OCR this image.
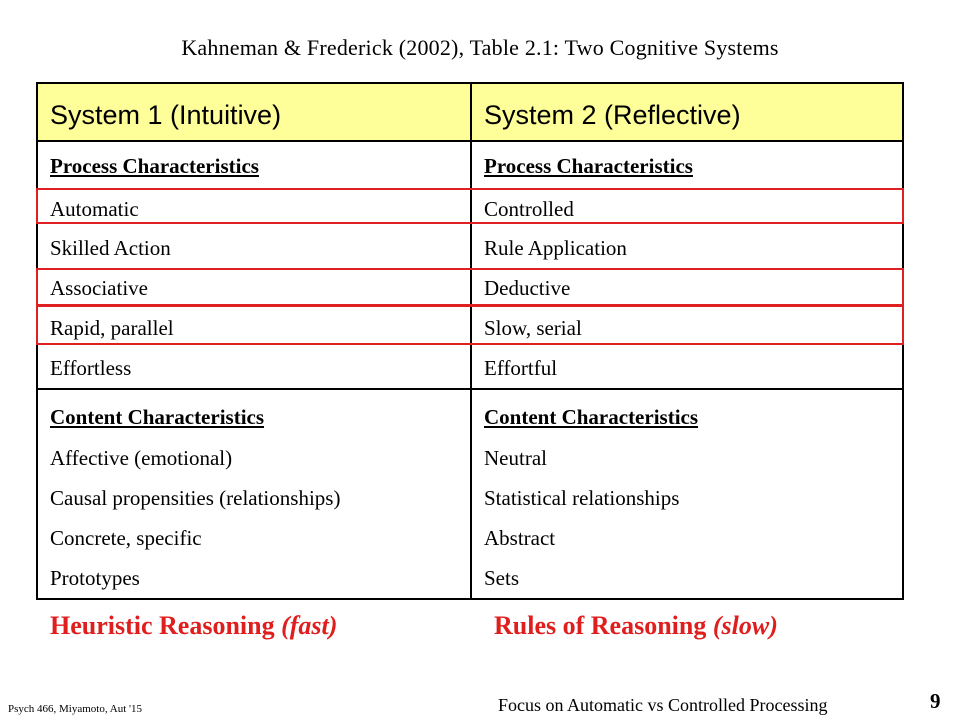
Kahneman & Frederick (2002), Table 2.1: Two Cognitive Systems
System 1 (Intuitive)	System 2 (Reflective)
Process Characteristics	Process Characteristics
Automatic	Controlled
Skilled Action	Rule Application
Associative	Deductive
Rapid, parallel	Slow, serial
Effortless	Effortful
Content Characteristics	Content Characteristics
Affective (emotional)	Neutral
Causal propensities (relationships)	Statistical relationships
Concrete, specific	Abstract
Prototypes	Sets
Heuristic Reasoning (fast)	Rules of Reasoning (slow)
Psych 466, Miyamoto, Aut '15	Focus on Automatic vs Controlled Processing	9
